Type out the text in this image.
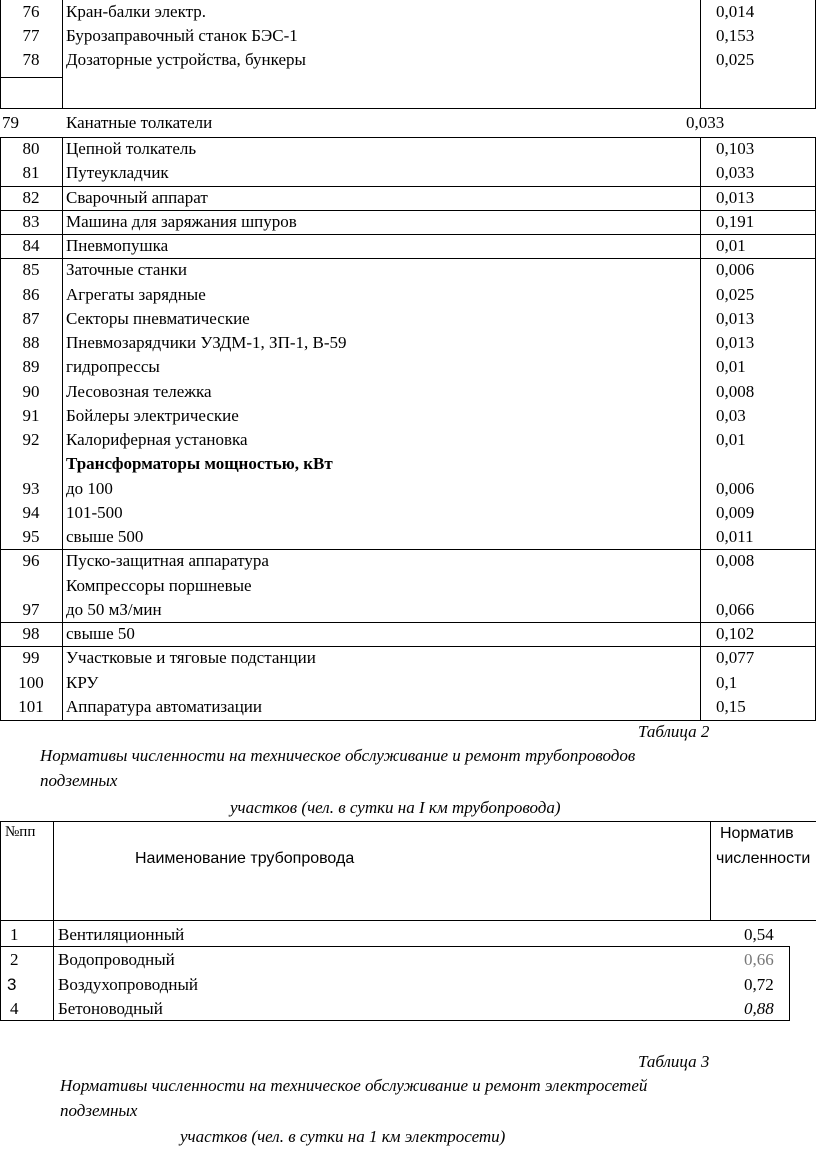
76	Кран-балки электр.	0,014
77	Бурозаправочный станок БЭС-1	0,153
78	Дозаторные устройства, бункеры	0,025
79	Канатные толкатели	0,033
80	Цепной толкатель	0,103
81	Путеукладчик	0,033
82	Сварочный аппарат	0,013
83	Машина для заряжания шпуров	0,191
84	Пневмопушка	0,01
85	Заточные станки	0,006
86	Агрегаты зарядные	0,025
87	Секторы пневматические	0,013
88	Пневмозарядчики УЗДМ-1, ЗП-1, В-59	0,013
89	гидропрессы	0,01
90	Лесовозная тележка	0,008
91	Бойлеры электрические	0,03
92	Калориферная установка	0,01
Трансформаторы мощностью, кВт
93	до 100	0,006
94	101-500	0,009
95	свыше 500	0,011
96	Пуско-защитная аппаратура	0,008
Компрессоры поршневые
97	до 50 мЗ/мин	0,066
98	свыше 50	0,102
99	Участковые и тяговые подстанции	0,077
100	КРУ	0,1
101	Аппаратура автоматизации	0,15
Таблица 2
Нормативы численности на техническое обслуживание и ремонт трубопроводов
подземных
участков (чел. в сутки на I км трубопровода)
№пп
Наименование трубопровода
Норматив
численности
1 Вентиляционный	0,54
2 Водопроводный	0,66
3 Воздухопроводный	0,72
4 Бетоноводный	0,88
Таблица 3
Нормативы численности на техническое обслуживание и ремонт электросетей
подземных
участков (чел. в сутки на 1 км электросети)
